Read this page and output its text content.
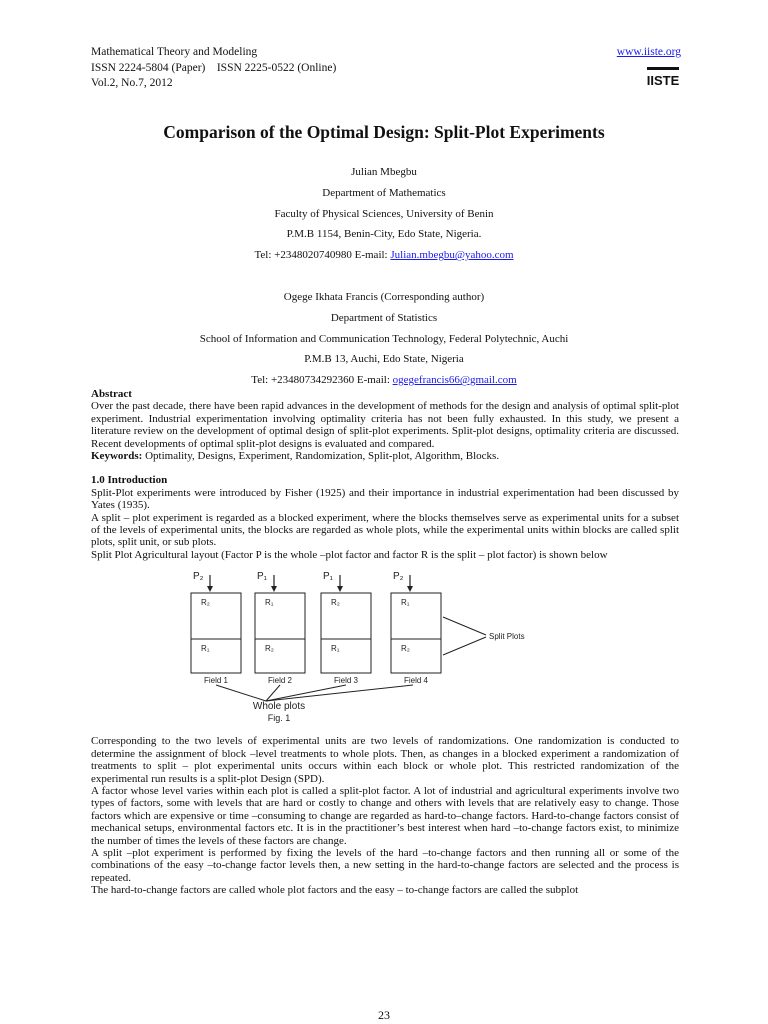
Mathematical Theory and Modeling
ISSN 2224-5804 (Paper)    ISSN 2225-0522 (Online)
Vol.2, No.7, 2012
www.iiste.org
IISTE
Comparison of the Optimal Design: Split-Plot Experiments
Julian Mbegbu
Department of Mathematics
Faculty of Physical Sciences, University of Benin
P.M.B 1154, Benin-City, Edo State, Nigeria.
Tel: +2348020740980 E-mail: Julian.mbegbu@yahoo.com
Ogege Ikhata Francis (Corresponding author)
Department of Statistics
School of Information and Communication Technology, Federal Polytechnic, Auchi
P.M.B 13, Auchi, Edo State, Nigeria
Tel: +23480734292360 E-mail: ogegefrancis66@gmail.com

Abstract

Over the past decade, there have been rapid advances in the development of methods for the design and analysis of optimal split-plot experiment. Industrial experimentation involving optimality criteria has not been fully exhausted. In this study, we present a literature review on the development of optimal design of split-plot experiments. Split-plot designs, optimality criteria are discussed. Recent developments of optimal split-plot designs is evaluated and compared.

Keywords: Optimality, Designs, Experiment, Randomization, Split-plot, Algorithm, Blocks.

1.0 Introduction

Split-Plot experiments were introduced by Fisher (1925) and their importance in industrial experimentation had been discussed by Yates (1935).

A split – plot experiment is regarded as a blocked experiment, where the blocks themselves serve as experimental units for a subset of the levels of experimental units, the blocks are regarded as whole plots, while the experimental units within blocks are called split plots, split unit, or sub plots.

Split Plot Agricultural layout (Factor P is the whole –plot factor and factor R is the split – plot factor) is shown below

P₂
R₂
R₁
Field 1
P₁
R₁
R₂
Field 2
P₁
R₂
R₁
Field 3
P₂
R₁
R₂
Field 4
Split Plots
Whole plots
Fig. 1

Corresponding to the two levels of experimental units are two levels of randomizations. One randomization is conducted to determine the assignment of block –level treatments to whole plots. Then, as changes in a blocked experiment a randomization of treatments to split – plot experimental units occurs within each block or whole plot. This restricted randomization of the experimental run results is a split-plot Design (SPD).

A factor whose level varies within each plot is called a split-plot factor. A lot of industrial and agricultural experiments involve two types of factors, some with levels that are hard or costly to change and others with levels that are relatively easy to change. Those factors which are expensive or time –consuming to change are regarded as hard-to–change factors. Hard-to-change factors consist of mechanical setups, environmental factors etc. It is in the practitioner’s best interest when hard –to-change factors exist, to minimize the number of times the levels of these factors are change.

A split –plot experiment is performed by fixing the levels of the hard –to-change factors and then running all or some of the combinations of the easy –to-change factor levels then, a new setting in the hard-to-change factors are selected and the process is repeated.

The hard-to-change factors are called whole plot factors and the easy – to-change factors are called the subplot

23
